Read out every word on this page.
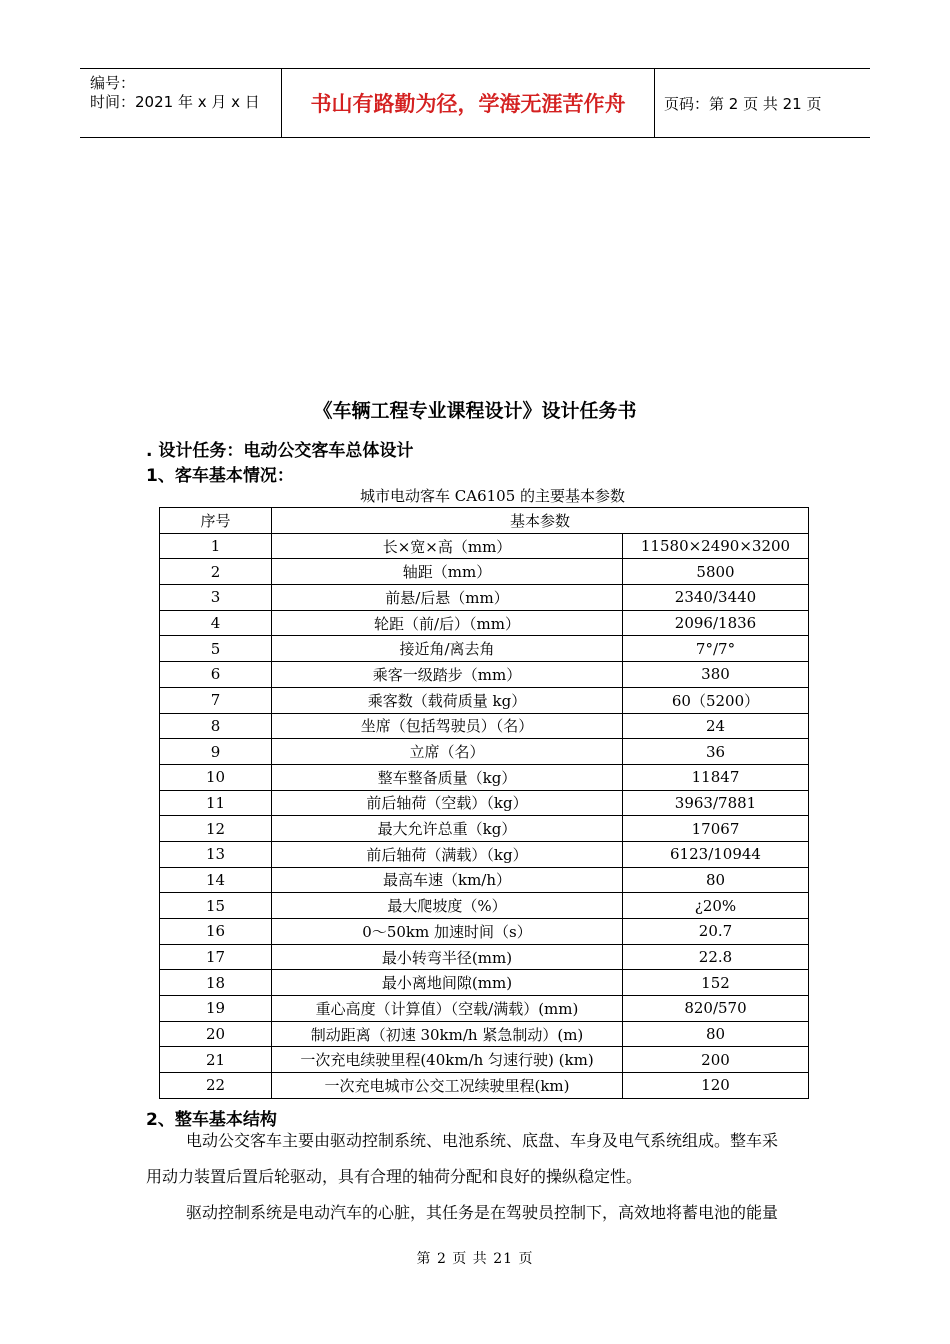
编号：
时间：2021 年 x 月 x 日	书山有路勤为径，学海无涯苦作舟	页码：第 2 页 共 21 页
《车辆工程专业课程设计》设计任务书
. 设计任务：电动公交客车总体设计
1、客车基本情况：
城市电动客车 CA6105 的主要基本参数
序号	基本参数	
1	长×宽×高（mm）	11580×2490×3200
2	轴距（mm）	5800
3	前悬/后悬（mm）	2340/3440
4	轮距（前/后）（mm）	2096/1836
5	接近角/离去角	7°/7°
6	乘客一级踏步（mm）	380
7	乘客数（载荷质量 kg）	60（5200）
8	坐席（包括驾驶员）（名）	24
9	立席（名）	36
10	整车整备质量（kg）	11847
11	前后轴荷（空载）（kg）	3963/7881
12	最大允许总重（kg）	17067
13	前后轴荷（满载）（kg）	6123/10944
14	最高车速（km/h）	80
15	最大爬坡度（%）	¿20%
16	0～50km 加速时间（s）	20.7
17	最小转弯半径(mm)	22.8
18	最小离地间隙(mm)	152
19	重心高度（计算值）（空载/满载）(mm)	820/570
20	制动距离（初速 30km/h 紧急制动）(m)	80
21	一次充电续驶里程(40km/h 匀速行驶) (km)	200
22	一次充电城市公交工况续驶里程(km)	120
2、整车基本结构
电动公交客车主要由驱动控制系统、电池系统、底盘、车身及电气系统组成。整车采
用动力装置后置后轮驱动，具有合理的轴荷分配和良好的操纵稳定性。
驱动控制系统是电动汽车的心脏，其任务是在驾驶员控制下，高效地将蓄电池的能量
第 2 页 共 21 页
